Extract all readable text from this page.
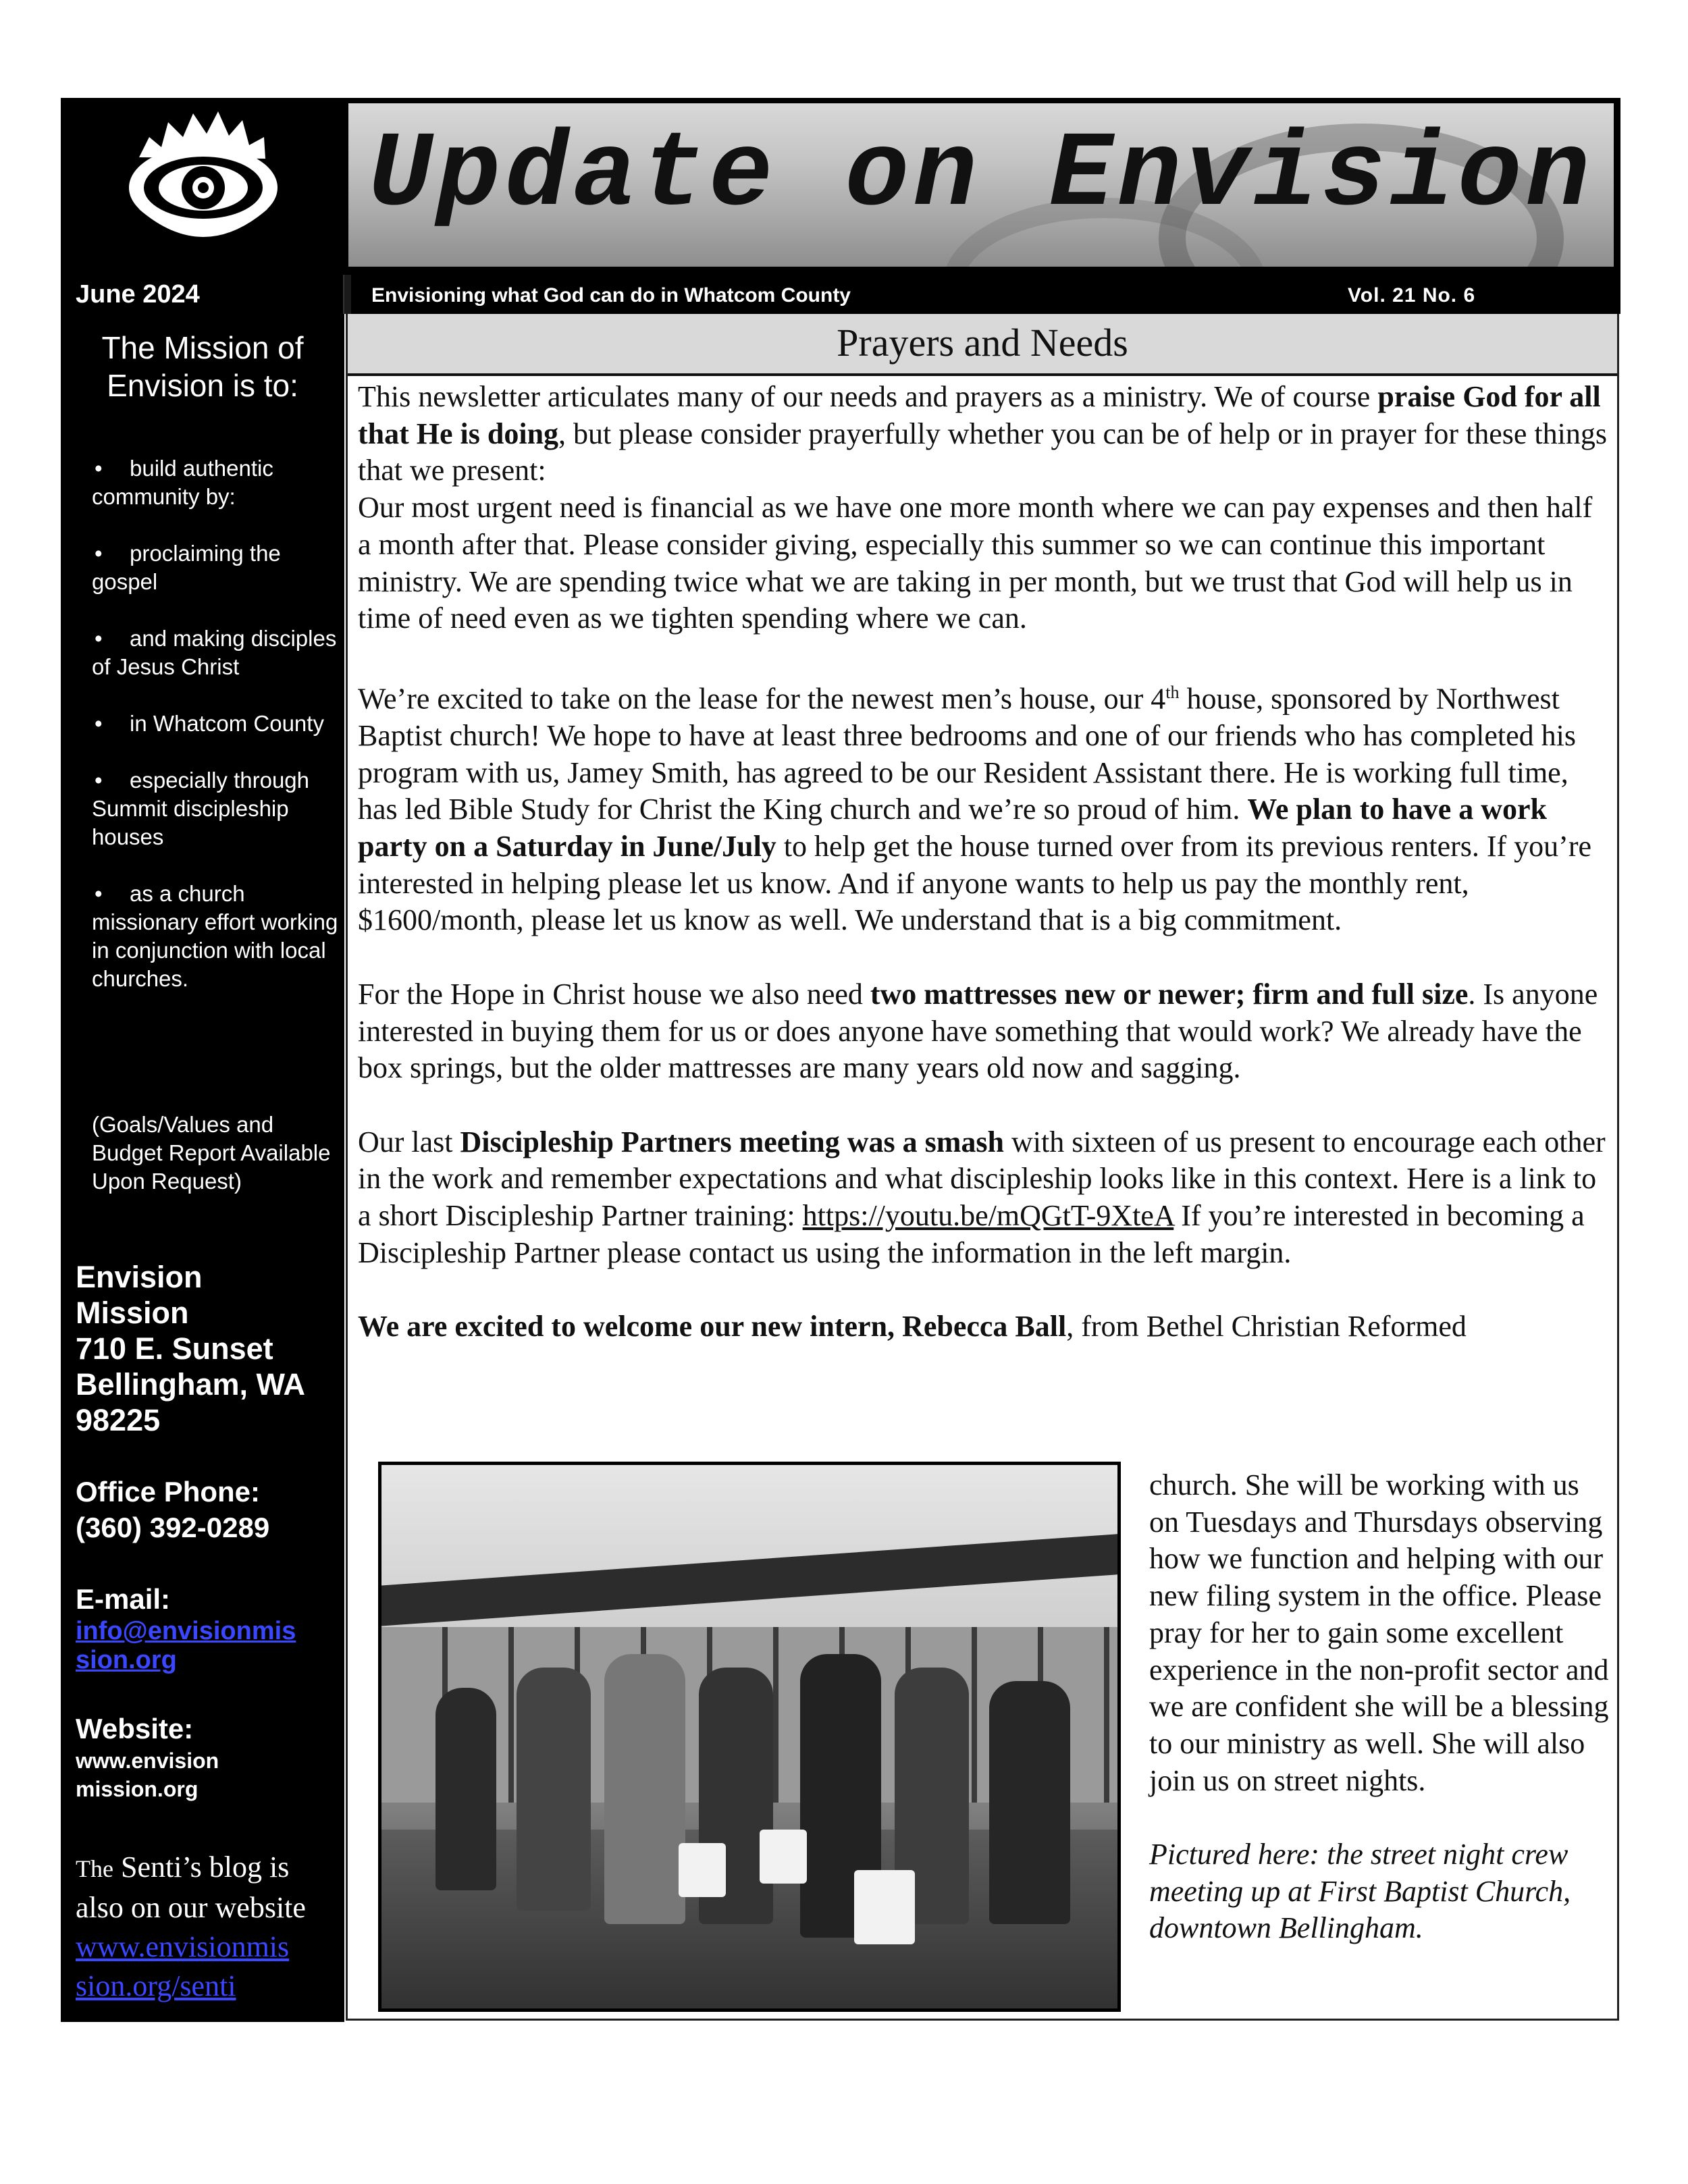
Update on Envision
June 2024	Envisioning what God can do in Whatcom County	Vol. 21 No. 6
The Mission of Envision is to:
• build authentic community by:
• proclaiming the gospel
• and making disciples of Jesus Christ
• in Whatcom County
• especially through Summit discipleship houses
• as a church missionary effort working in conjunction with local churches.
(Goals/Values and Budget Report Available Upon Request)
Envision
Mission
710 E. Sunset
Bellingham, WA
98225
Office Phone:
(360) 392-0289
E-mail:
info@envisionmis
sion.org
Website:
www.envision
mission.org
The Senti’s blog is also on our website
www.envisionmis
sion.org/senti
Prayers and Needs

This newsletter articulates many of our needs and prayers as a ministry. We of course praise God for all that He is doing, but please consider prayerfully whether you can be of help or in prayer for these things that we present:

Our most urgent need is financial as we have one more month where we can pay expenses and then half a month after that. Please consider giving, especially this summer so we can continue this important ministry. We are spending twice what we are taking in per month, but we trust that God will help us in time of need even as we tighten spending where we can.

We’re excited to take on the lease for the newest men’s house, our 4th house, sponsored by Northwest Baptist church! We hope to have at least three bedrooms and one of our friends who has completed his program with us, Jamey Smith, has agreed to be our Resident Assistant there. He is working full time, has led Bible Study for Christ the King church and we’re so proud of him. We plan to have a work party on a Saturday in June/July to help get the house turned over from its previous renters. If you’re interested in helping please let us know. And if anyone wants to help us pay the monthly rent, $1600/month, please let us know as well. We understand that is a big commitment.

For the Hope in Christ house we also need two mattresses new or newer; firm and full size. Is anyone interested in buying them for us or does anyone have something that would work? We already have the box springs, but the older mattresses are many years old now and sagging.

Our last Discipleship Partners meeting was a smash with sixteen of us present to encourage each other in the work and remember expectations and what discipleship looks like in this context. Here is a link to a short Discipleship Partner training: https://youtu.be/mQGtT-9XteA If you’re interested in becoming a Discipleship Partner please contact us using the information in the left margin.

We are excited to welcome our new intern, Rebecca Ball, from Bethel Christian Reformed

church. She will be working with us on Tuesdays and Thursdays observing how we function and helping with our new filing system in the office. Please pray for her to gain some excellent experience in the non-profit sector and we are confident she will be a blessing to our ministry as well. She will also join us on street nights.

Pictured here: the street night crew meeting up at First Baptist Church, downtown Bellingham.
